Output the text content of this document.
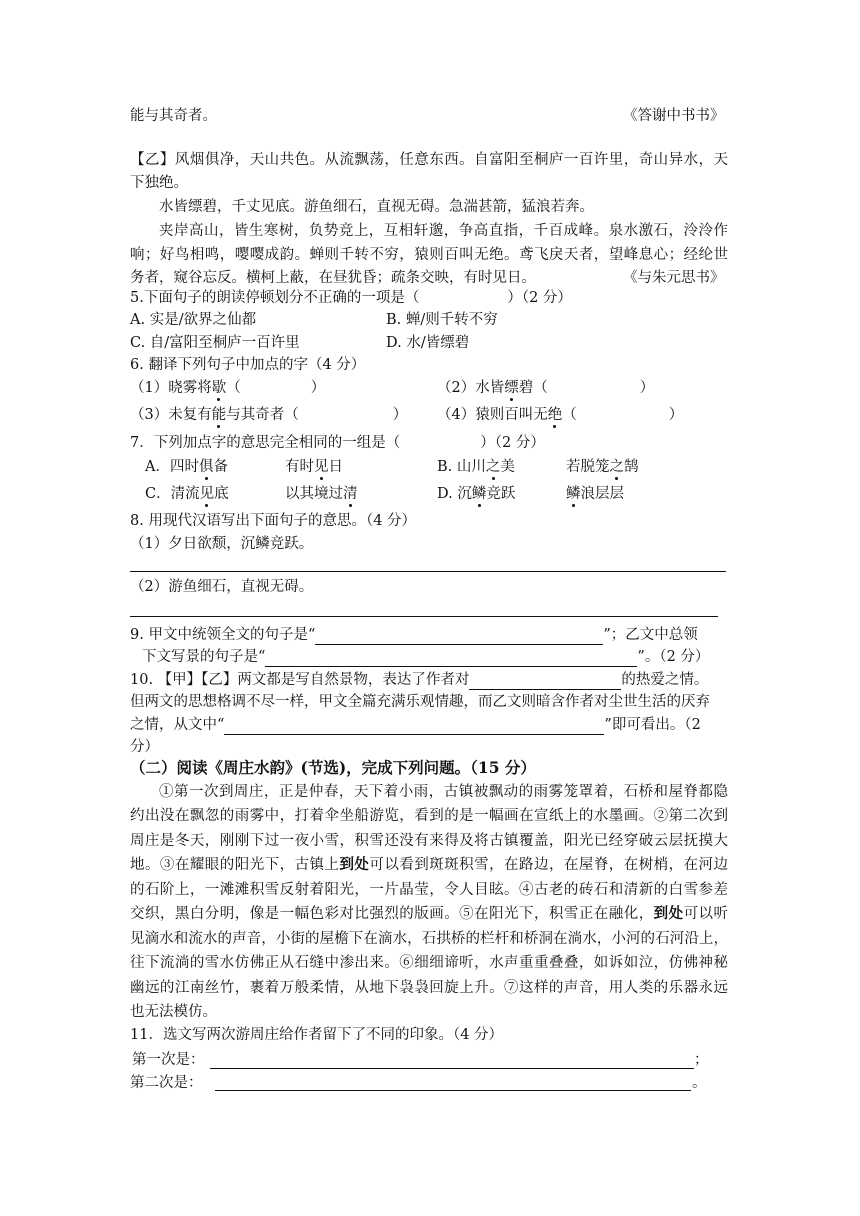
能与其奇者。	《答谢中书书》
【乙】风烟俱净，天山共色。从流飘荡，任意东西。自富阳至桐庐一百许里，奇山异水，天
下独绝。
水皆缥碧，千丈见底。游鱼细石，直视无碍。急湍甚箭，猛浪若奔。
夹岸高山，皆生寒树，负势竞上，互相轩邈，争高直指，千百成峰。泉水激石，泠泠作
响；好鸟相鸣，嘤嘤成韵。蝉则千转不穷，猿则百叫无绝。鸢飞戾天者，望峰息心；经纶世
务者，窥谷忘反。横柯上蔽，在昼犹昏；疏条交映，有时见日。	《与朱元思书》
5.下面句子的朗读停顿划分不正确的一项是（	）（2 分）
A. 实是/欲界之仙都	B. 蝉/则千转不穷
C. 自/富阳至桐庐一百许里	D. 水/皆缥碧
6. 翻译下列句子中加点的字（4 分）
（1）晓雾将歇（	）	（2）水皆缥碧（	）
（3）未复有能与其奇者（	） （4）猿则百叫无绝（	）
7．下列加点字的意思完全相同的一组是（	）（2 分）
A．四时俱备	有时见日	B. 山川之美	若脱笼之鹄
C．清流见底	以其境过清	D. 沉鳞竞跃	鳞浪层层
8. 用现代汉语写出下面句子的意思。（4 分）
（1）夕日欲颓，沉鳞竞跃。
（2）游鱼细石，直视无碍。
9. 甲文中统领全文的句子是“	”；乙文中总领
下文写景的句子是“	”。（2 分）
10. 【甲】【乙】两文都是写自然景物，表达了作者对	的热爱之情。
但两文的思想格调不尽一样，甲文全篇充满乐观情趣，而乙文则暗含作者对尘世生活的厌弃
之情，从文中“	”即可看出。（2
分）
（二）阅读《周庄水韵》(节选)，完成下列问题。（15 分）
①第一次到周庄，正是仲春，天下着小雨，古镇被飘动的雨雾笼罩着，石桥和屋脊都隐
约出没在飘忽的雨雾中，打着伞坐船游览，看到的是一幅画在宣纸上的水墨画。②第二次到
周庄是冬天，刚刚下过一夜小雪，积雪还没有来得及将古镇覆盖，阳光已经穿破云层抚摸大
地。③在耀眼的阳光下，古镇上到处可以看到斑斑积雪，在路边，在屋脊，在树梢，在河边
的石阶上，一滩滩积雪反射着阳光，一片晶莹，令人目眩。④古老的砖石和清新的白雪参差
交织，黑白分明，像是一幅色彩对比强烈的版画。⑤在阳光下，积雪正在融化，到处可以听
见滴水和流水的声音，小街的屋檐下在滴水，石拱桥的栏杆和桥洞在淌水，小河的石河沿上，
往下流淌的雪水仿佛正从石缝中渗出来。⑥细细谛听，水声重重叠叠，如诉如泣，仿佛神秘
幽远的江南丝竹，裹着万般柔情，从地下袅袅回旋上升。⑦这样的声音，用人类的乐器永远
也无法模仿。
11．选文写两次游周庄给作者留下了不同的印象。（4 分）
第一次是：	；
第二次是：	。
